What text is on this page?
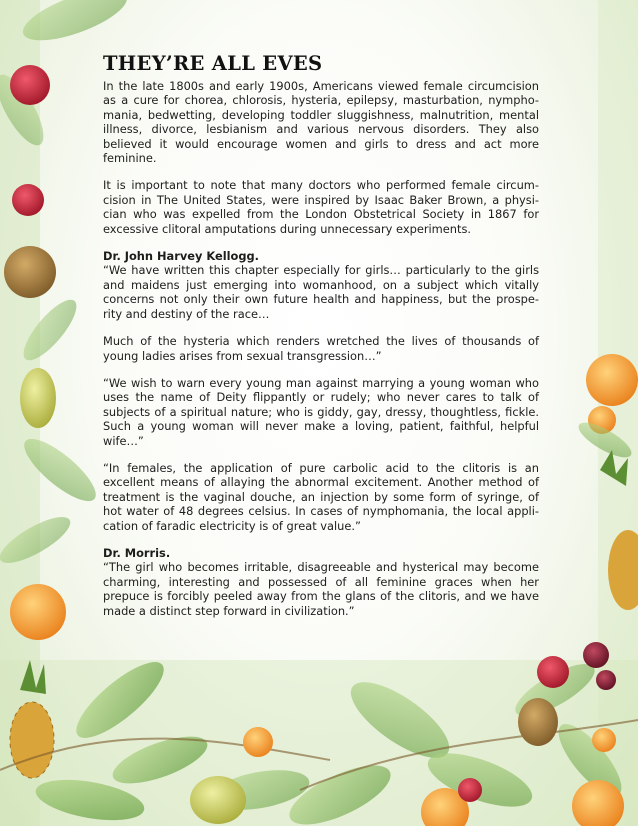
THEY’RE ALL EVES

In the late 1800s and early 1900s, Americans viewed female circumcision as a cure for chorea, chlorosis, hysteria, epilepsy, masturbation, nympho-mania, bedwetting, developing toddler sluggishness, malnutrition, mental illness, divorce, lesbianism and various nervous disorders. They also believed it would encourage women and girls to dress and act more feminine.

It is important to note that many doctors who performed female circum-cision in The United States, were inspired by Isaac Baker Brown, a physi-cian who was expelled from the London Obstetrical Society in 1867 for excessive clitoral amputations during unnecessary experiments.

Dr. John Harvey Kellogg.

“We have written this chapter especially for girls… particularly to the girls and maidens just emerging into womanhood, on a subject which vitally concerns not only their own future health and happiness, but the prospe-rity and destiny of the race…

Much of the hysteria which renders wretched the lives of thousands of young ladies arises from sexual transgression…”

“We wish to warn every young man against marrying a young woman who uses the name of Deity flippantly or rudely; who never cares to talk of subjects of a spiritual nature; who is giddy, gay, dressy, thoughtless, fickle. Such a young woman will never make a loving, patient, faithful, helpful wife…”

“In females, the application of pure carbolic acid to the clitoris is an excellent means of allaying the abnormal excitement. Another method of treatment is the vaginal douche, an injection by some form of syringe, of hot water of 48 degrees celsius. In cases of nymphomania, the local appli-cation of faradic electricity is of great value.”

Dr. Morris.

“The girl who becomes irritable, disagreeable and hysterical may become charming, interesting and possessed of all feminine graces when her prepuce is forcibly peeled away from the glans of the clitoris, and we have made a distinct step forward in civilization.”
